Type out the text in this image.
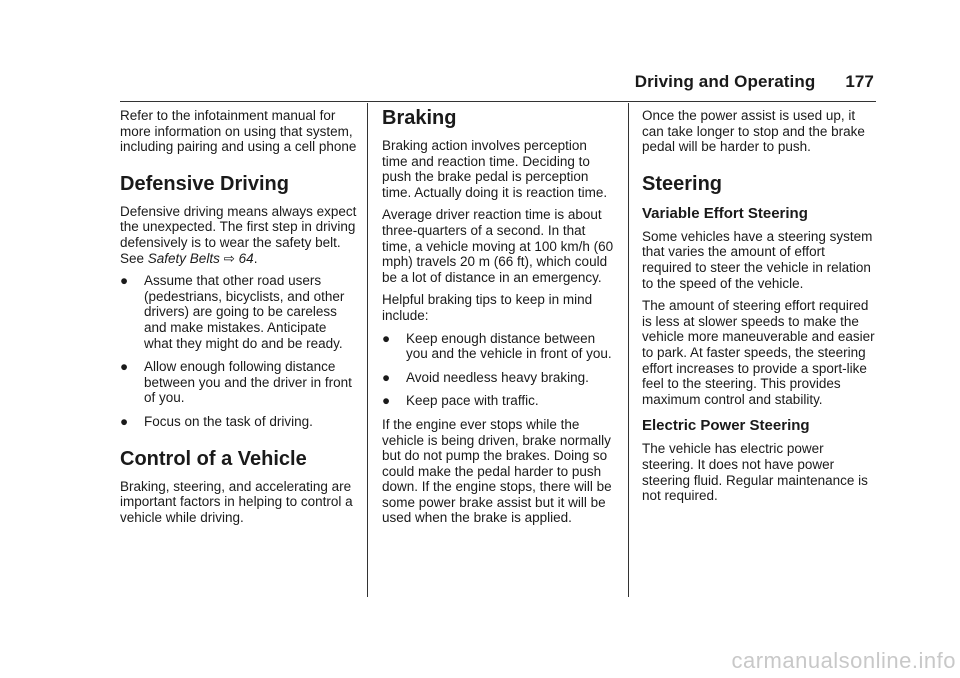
Driving and Operating 177

Refer to the infotainment manual for more information on using that system, including pairing and using a cell phone

Defensive Driving

Defensive driving means always expect the unexpected. The first step in driving defensively is to wear the safety belt. See Safety Belts ⇨ 64.

●	Assume that other road users (pedestrians, bicyclists, and other drivers) are going to be careless and make mistakes. Anticipate what they might do and be ready.
●	Allow enough following distance between you and the driver in front of you.
●	Focus on the task of driving.
Control of a Vehicle

Braking, steering, and accelerating are important factors in helping to control a vehicle while driving.

Braking

Braking action involves perception time and reaction time. Deciding to push the brake pedal is perception time. Actually doing it is reaction time.

Average driver reaction time is about three-quarters of a second. In that time, a vehicle moving at 100 km/h (60 mph) travels 20 m (66 ft), which could be a lot of distance in an emergency.

Helpful braking tips to keep in mind include:

●	Keep enough distance between you and the vehicle in front of you.
●	Avoid needless heavy braking.
●	Keep pace with traffic.

If the engine ever stops while the vehicle is being driven, brake normally but do not pump the brakes. Doing so could make the pedal harder to push down. If the engine stops, there will be some power brake assist but it will be used when the brake is applied.

Once the power assist is used up, it can take longer to stop and the brake pedal will be harder to push.

Steering
Variable Effort Steering

Some vehicles have a steering system that varies the amount of effort required to steer the vehicle in relation to the speed of the vehicle.

The amount of steering effort required is less at slower speeds to make the vehicle more maneuverable and easier to park. At faster speeds, the steering effort increases to provide a sport-like feel to the steering. This provides maximum control and stability.

Electric Power Steering

The vehicle has electric power steering. It does not have power steering fluid. Regular maintenance is not required.

carmanualsonline.info
